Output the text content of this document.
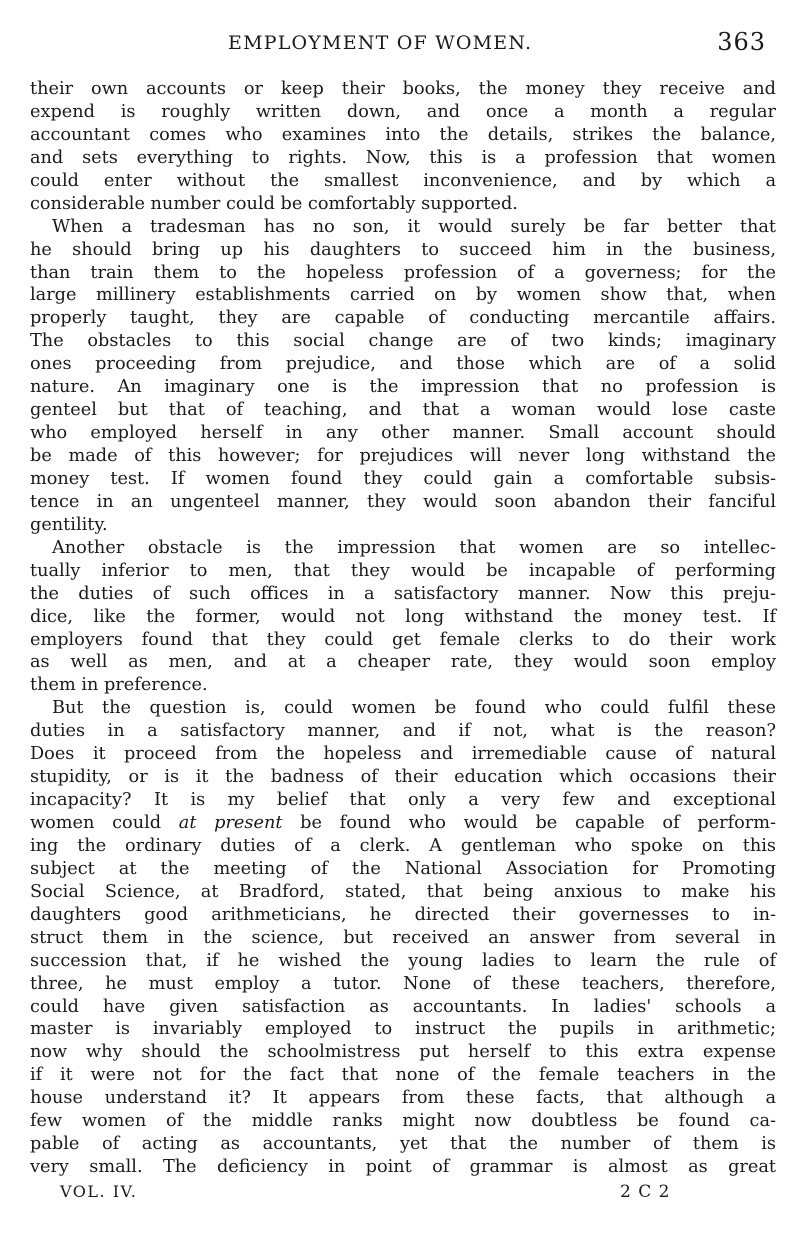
EMPLOYMENT OF WOMEN.	363
their own accounts or keep their books, the money they receive and
expend is roughly written down, and once a month a regular
accountant comes who examines into the details, strikes the balance,
and sets everything to rights. Now, this is a profession that women
could enter without the smallest inconvenience, and by which a
considerable number could be comfortably supported.
When a tradesman has no son, it would surely be far better that
he should bring up his daughters to succeed him in the business,
than train them to the hopeless profession of a governess; for the
large millinery establishments carried on by women show that, when
properly taught, they are capable of conducting mercantile affairs.
The obstacles to this social change are of two kinds; imaginary
ones proceeding from prejudice, and those which are of a solid
nature. An imaginary one is the impression that no profession is
genteel but that of teaching, and that a woman would lose caste
who employed herself in any other manner. Small account should
be made of this however; for prejudices will never long withstand the
money test. If women found they could gain a comfortable subsis-
tence in an ungenteel manner, they would soon abandon their fanciful
gentility.
Another obstacle is the impression that women are so intellec-
tually inferior to men, that they would be incapable of performing
the duties of such offices in a satisfactory manner. Now this preju-
dice, like the former, would not long withstand the money test. If
employers found that they could get female clerks to do their work
as well as men, and at a cheaper rate, they would soon employ
them in preference.
But the question is, could women be found who could fulfil these
duties in a satisfactory manner, and if not, what is the reason?
Does it proceed from the hopeless and irremediable cause of natural
stupidity, or is it the badness of their education which occasions their
incapacity? It is my belief that only a very few and exceptional
women could at present be found who would be capable of perform-
ing the ordinary duties of a clerk. A gentleman who spoke on this
subject at the meeting of the National Association for Promoting
Social Science, at Bradford, stated, that being anxious to make his
daughters good arithmeticians, he directed their governesses to in-
struct them in the science, but received an answer from several in
succession that, if he wished the young ladies to learn the rule of
three, he must employ a tutor. None of these teachers, therefore,
could have given satisfaction as accountants. In ladies' schools a
master is invariably employed to instruct the pupils in arithmetic;
now why should the schoolmistress put herself to this extra expense
if it were not for the fact that none of the female teachers in the
house understand it? It appears from these facts, that although a
few women of the middle ranks might now doubtless be found ca-
pable of acting as accountants, yet that the number of them is
very small. The deficiency in point of grammar is almost as great
VOL. IV.	2 C 2
